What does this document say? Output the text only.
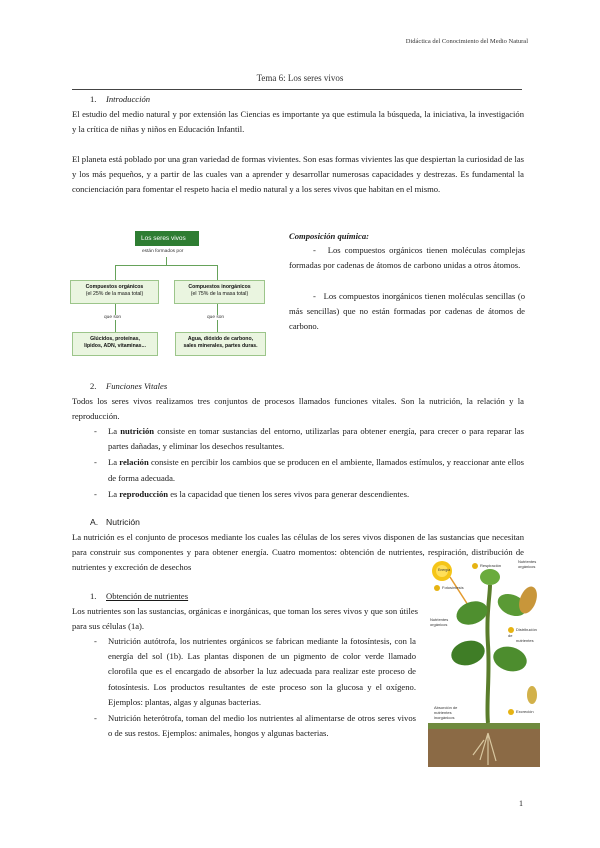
Didáctica del Conocimiento del Medio Natural
Tema 6: Los seres vivos
1. Introducción
El estudio del medio natural y por extensión las Ciencias es importante ya que estimula la búsqueda, la iniciativa, la investigación y la crítica de niñas y niños en Educación Infantil.
El planeta está poblado por una gran variedad de formas vivientes. Son esas formas vivientes las que despiertan la curiosidad de las y los más pequeños, y a partir de las cuales van a aprender y desarrollar numerosas capacidades y destrezas. Es fundamental la concienciación para fomentar el respeto hacia el medio natural y a los seres vivos que habitan en el mismo.
Los seres vivos
están formados por
Compuestos orgánicos
(el 25% de la masa total)
Compuestos inorgánicos
(el 75% de la masa total)
que son	que son
Glúcidos, proteínas,
lípidos, ADN, vitaminas...
Agua, dióxido de carbono,
sales minerales, partes duras.
Composición química:
-   Los compuestos orgánicos tienen moléculas complejas formadas por cadenas de átomos de carbono unidas a otros átomos.
-   Los compuestos inorgánicos tienen moléculas sencillas (o más sencillas) que no están formadas por cadenas de átomos de carbono.
2. Funciones Vitales
Todos los seres vivos realizamos tres conjuntos de procesos llamados funciones vitales. Son la nutrición, la relación y la reproducción.
- La nutrición consiste en tomar sustancias del entorno, utilizarlas para obtener energía, para crecer o para reparar las partes dañadas, y eliminar los desechos resultantes.
- La relación consiste en percibir los cambios que se producen en el ambiente, llamados estímulos, y reaccionar ante ellos de forma adecuada.
- La reproducción es la capacidad que tienen los seres vivos para generar descendientes.
A. Nutrición
La nutrición es el conjunto de procesos mediante los cuales las células de los seres vivos disponen de las sustancias que necesitan para construir sus componentes y para obtener energía. Cuatro momentos: obtención de nutrientes, respiración, distribución de nutrientes y excreción de desechos
1. Obtención de nutrientes
Los nutrientes son las sustancias, orgánicas e inorgánicas, que toman los seres vivos y que son útiles para sus células (1a).
- Nutrición autótrofa, los nutrientes orgánicos se fabrican mediante la fotosíntesis, con la energía del sol (1b). Las plantas disponen de un pigmento de color verde llamado clorofila que es el encargado de absorber la luz adecuada para realizar este proceso de fotosíntesis. Los productos resultantes de este proceso son la glucosa y el oxígeno. Ejemplos: plantas, algas y algunas bacterias.
- Nutrición heterótrofa, toman del medio los nutrientes al alimentarse de otros seres vivos o de sus restos. Ejemplos: animales, hongos y algunas bacterias.
Energía
Respiración
Nutrientes
orgánicos
Fotosíntesis
Nutrientes
orgánicos
Distribución de
nutrientes
Absorción de
nutrientes
inorgánicos
Excreción
1
